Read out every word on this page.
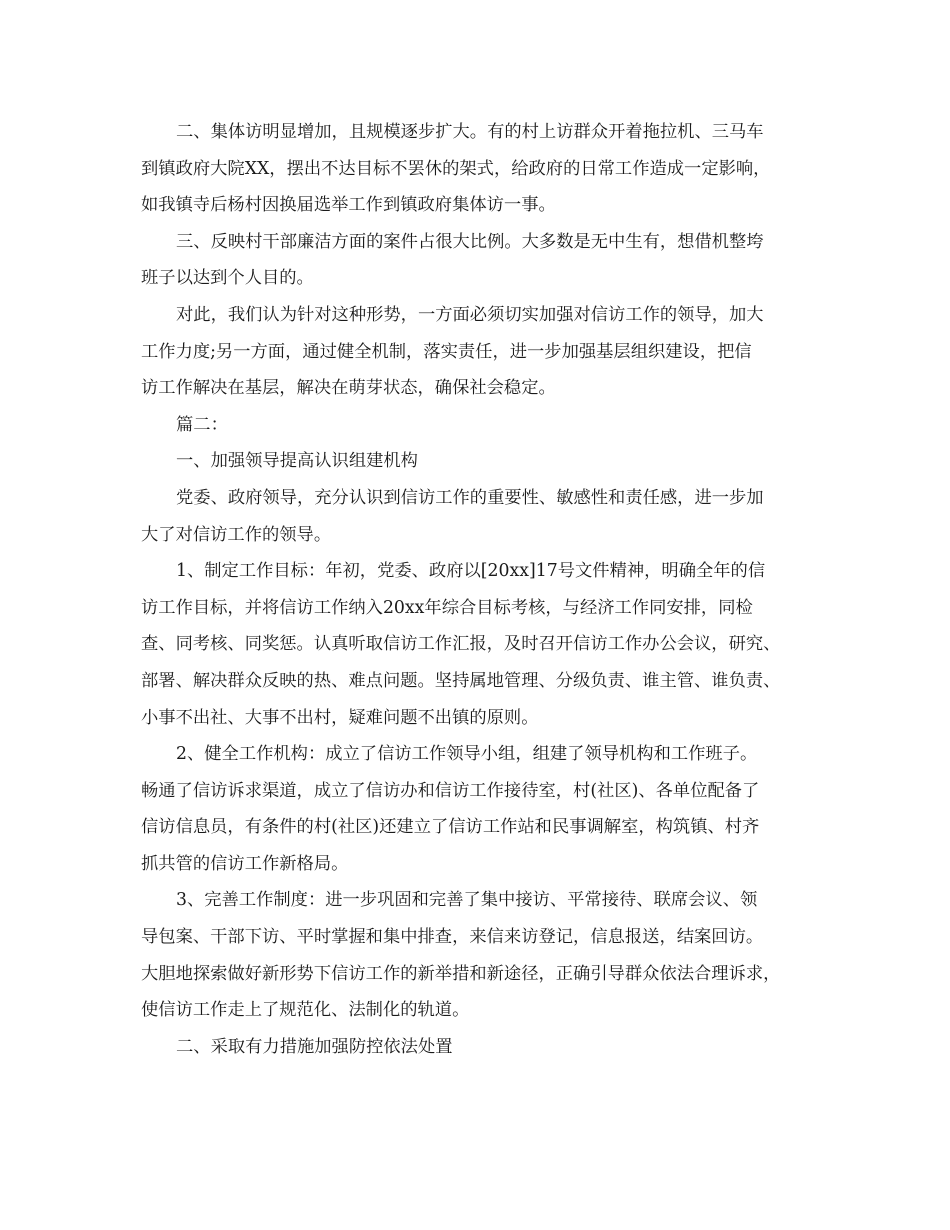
二、集体访明显增加，且规模逐步扩大。有的村上访群众开着拖拉机、三马车
到镇政府大院XX，摆出不达目标不罢休的架式，给政府的日常工作造成一定影响，
如我镇寺后杨村因换届选举工作到镇政府集体访一事。

三、反映村干部廉洁方面的案件占很大比例。大多数是无中生有，想借机整垮
班子以达到个人目的。

对此，我们认为针对这种形势，一方面必须切实加强对信访工作的领导，加大
工作力度;另一方面，通过健全机制，落实责任，进一步加强基层组织建设，把信
访工作解决在基层，解决在萌芽状态，确保社会稳定。

篇二：

一、加强领导提高认识组建机构

党委、政府领导，充分认识到信访工作的重要性、敏感性和责任感，进一步加
大了对信访工作的领导。

1、制定工作目标：年初，党委、政府以[20xx]17号文件精神，明确全年的信
访工作目标，并将信访工作纳入20xx年综合目标考核，与经济工作同安排，同检
查、同考核、同奖惩。认真听取信访工作汇报，及时召开信访工作办公会议，研究、
部署、解决群众反映的热、难点问题。坚持属地管理、分级负责、谁主管、谁负责、
小事不出社、大事不出村，疑难问题不出镇的原则。

2、健全工作机构：成立了信访工作领导小组，组建了领导机构和工作班子。
畅通了信访诉求渠道，成立了信访办和信访工作接待室，村(社区)、各单位配备了
信访信息员，有条件的村(社区)还建立了信访工作站和民事调解室，构筑镇、村齐
抓共管的信访工作新格局。

3、完善工作制度：进一步巩固和完善了集中接访、平常接待、联席会议、领
导包案、干部下访、平时掌握和集中排查，来信来访登记，信息报送，结案回访。
大胆地探索做好新形势下信访工作的新举措和新途径，正确引导群众依法合理诉求，
使信访工作走上了规范化、法制化的轨道。

二、采取有力措施加强防控依法处置
